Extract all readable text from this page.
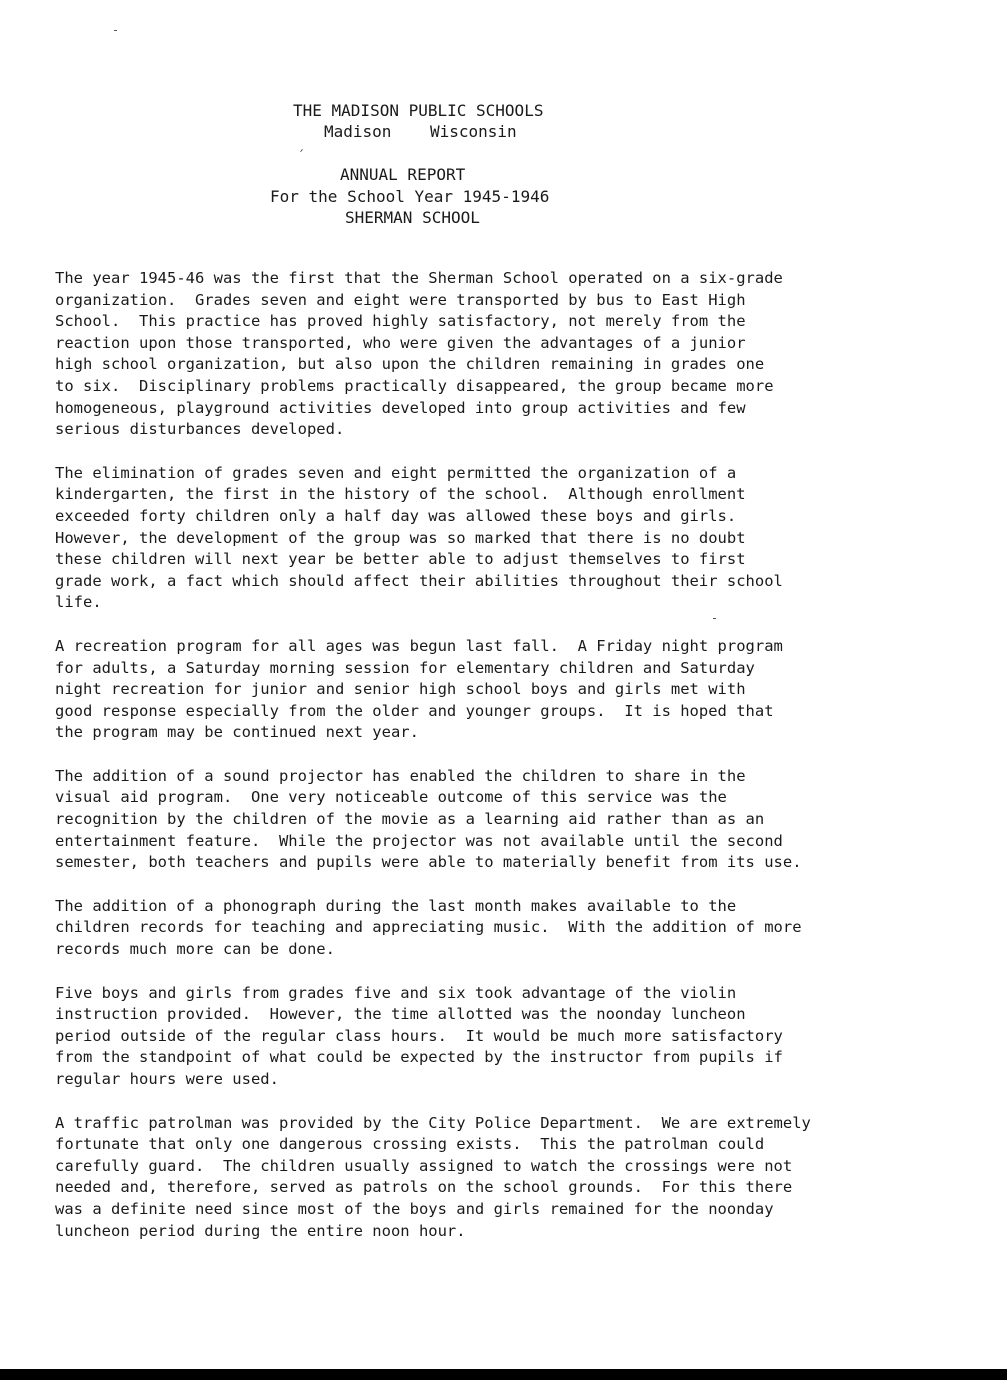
THE MADISON PUBLIC SCHOOLS
Madison    Wisconsin
ANNUAL REPORT
For the School Year 1945-1946
SHERMAN SCHOOL
The year 1945-46 was the first that the Sherman School operated on a six-grade
organization.  Grades seven and eight were transported by bus to East High
School.  This practice has proved highly satisfactory, not merely from the
reaction upon those transported, who were given the advantages of a junior
high school organization, but also upon the children remaining in grades one
to six.  Disciplinary problems practically disappeared, the group became more
homogeneous, playground activities developed into group activities and few
serious disturbances developed.
The elimination of grades seven and eight permitted the organization of a
kindergarten, the first in the history of the school.  Although enrollment
exceeded forty children only a half day was allowed these boys and girls.
However, the development of the group was so marked that there is no doubt
these children will next year be better able to adjust themselves to first
grade work, a fact which should affect their abilities throughout their school
life.
A recreation program for all ages was begun last fall.  A Friday night program
for adults, a Saturday morning session for elementary children and Saturday
night recreation for junior and senior high school boys and girls met with
good response especially from the older and younger groups.  It is hoped that
the program may be continued next year.
The addition of a sound projector has enabled the children to share in the
visual aid program.  One very noticeable outcome of this service was the
recognition by the children of the movie as a learning aid rather than as an
entertainment feature.  While the projector was not available until the second
semester, both teachers and pupils were able to materially benefit from its use.
The addition of a phonograph during the last month makes available to the
children records for teaching and appreciating music.  With the addition of more
records much more can be done.
Five boys and girls from grades five and six took advantage of the violin
instruction provided.  However, the time allotted was the noonday luncheon
period outside of the regular class hours.  It would be much more satisfactory
from the standpoint of what could be expected by the instructor from pupils if
regular hours were used.
A traffic patrolman was provided by the City Police Department.  We are extremely
fortunate that only one dangerous crossing exists.  This the patrolman could
carefully guard.  The children usually assigned to watch the crossings were not
needed and, therefore, served as patrols on the school grounds.  For this there
was a definite need since most of the boys and girls remained for the noonday
luncheon period during the entire noon hour.
